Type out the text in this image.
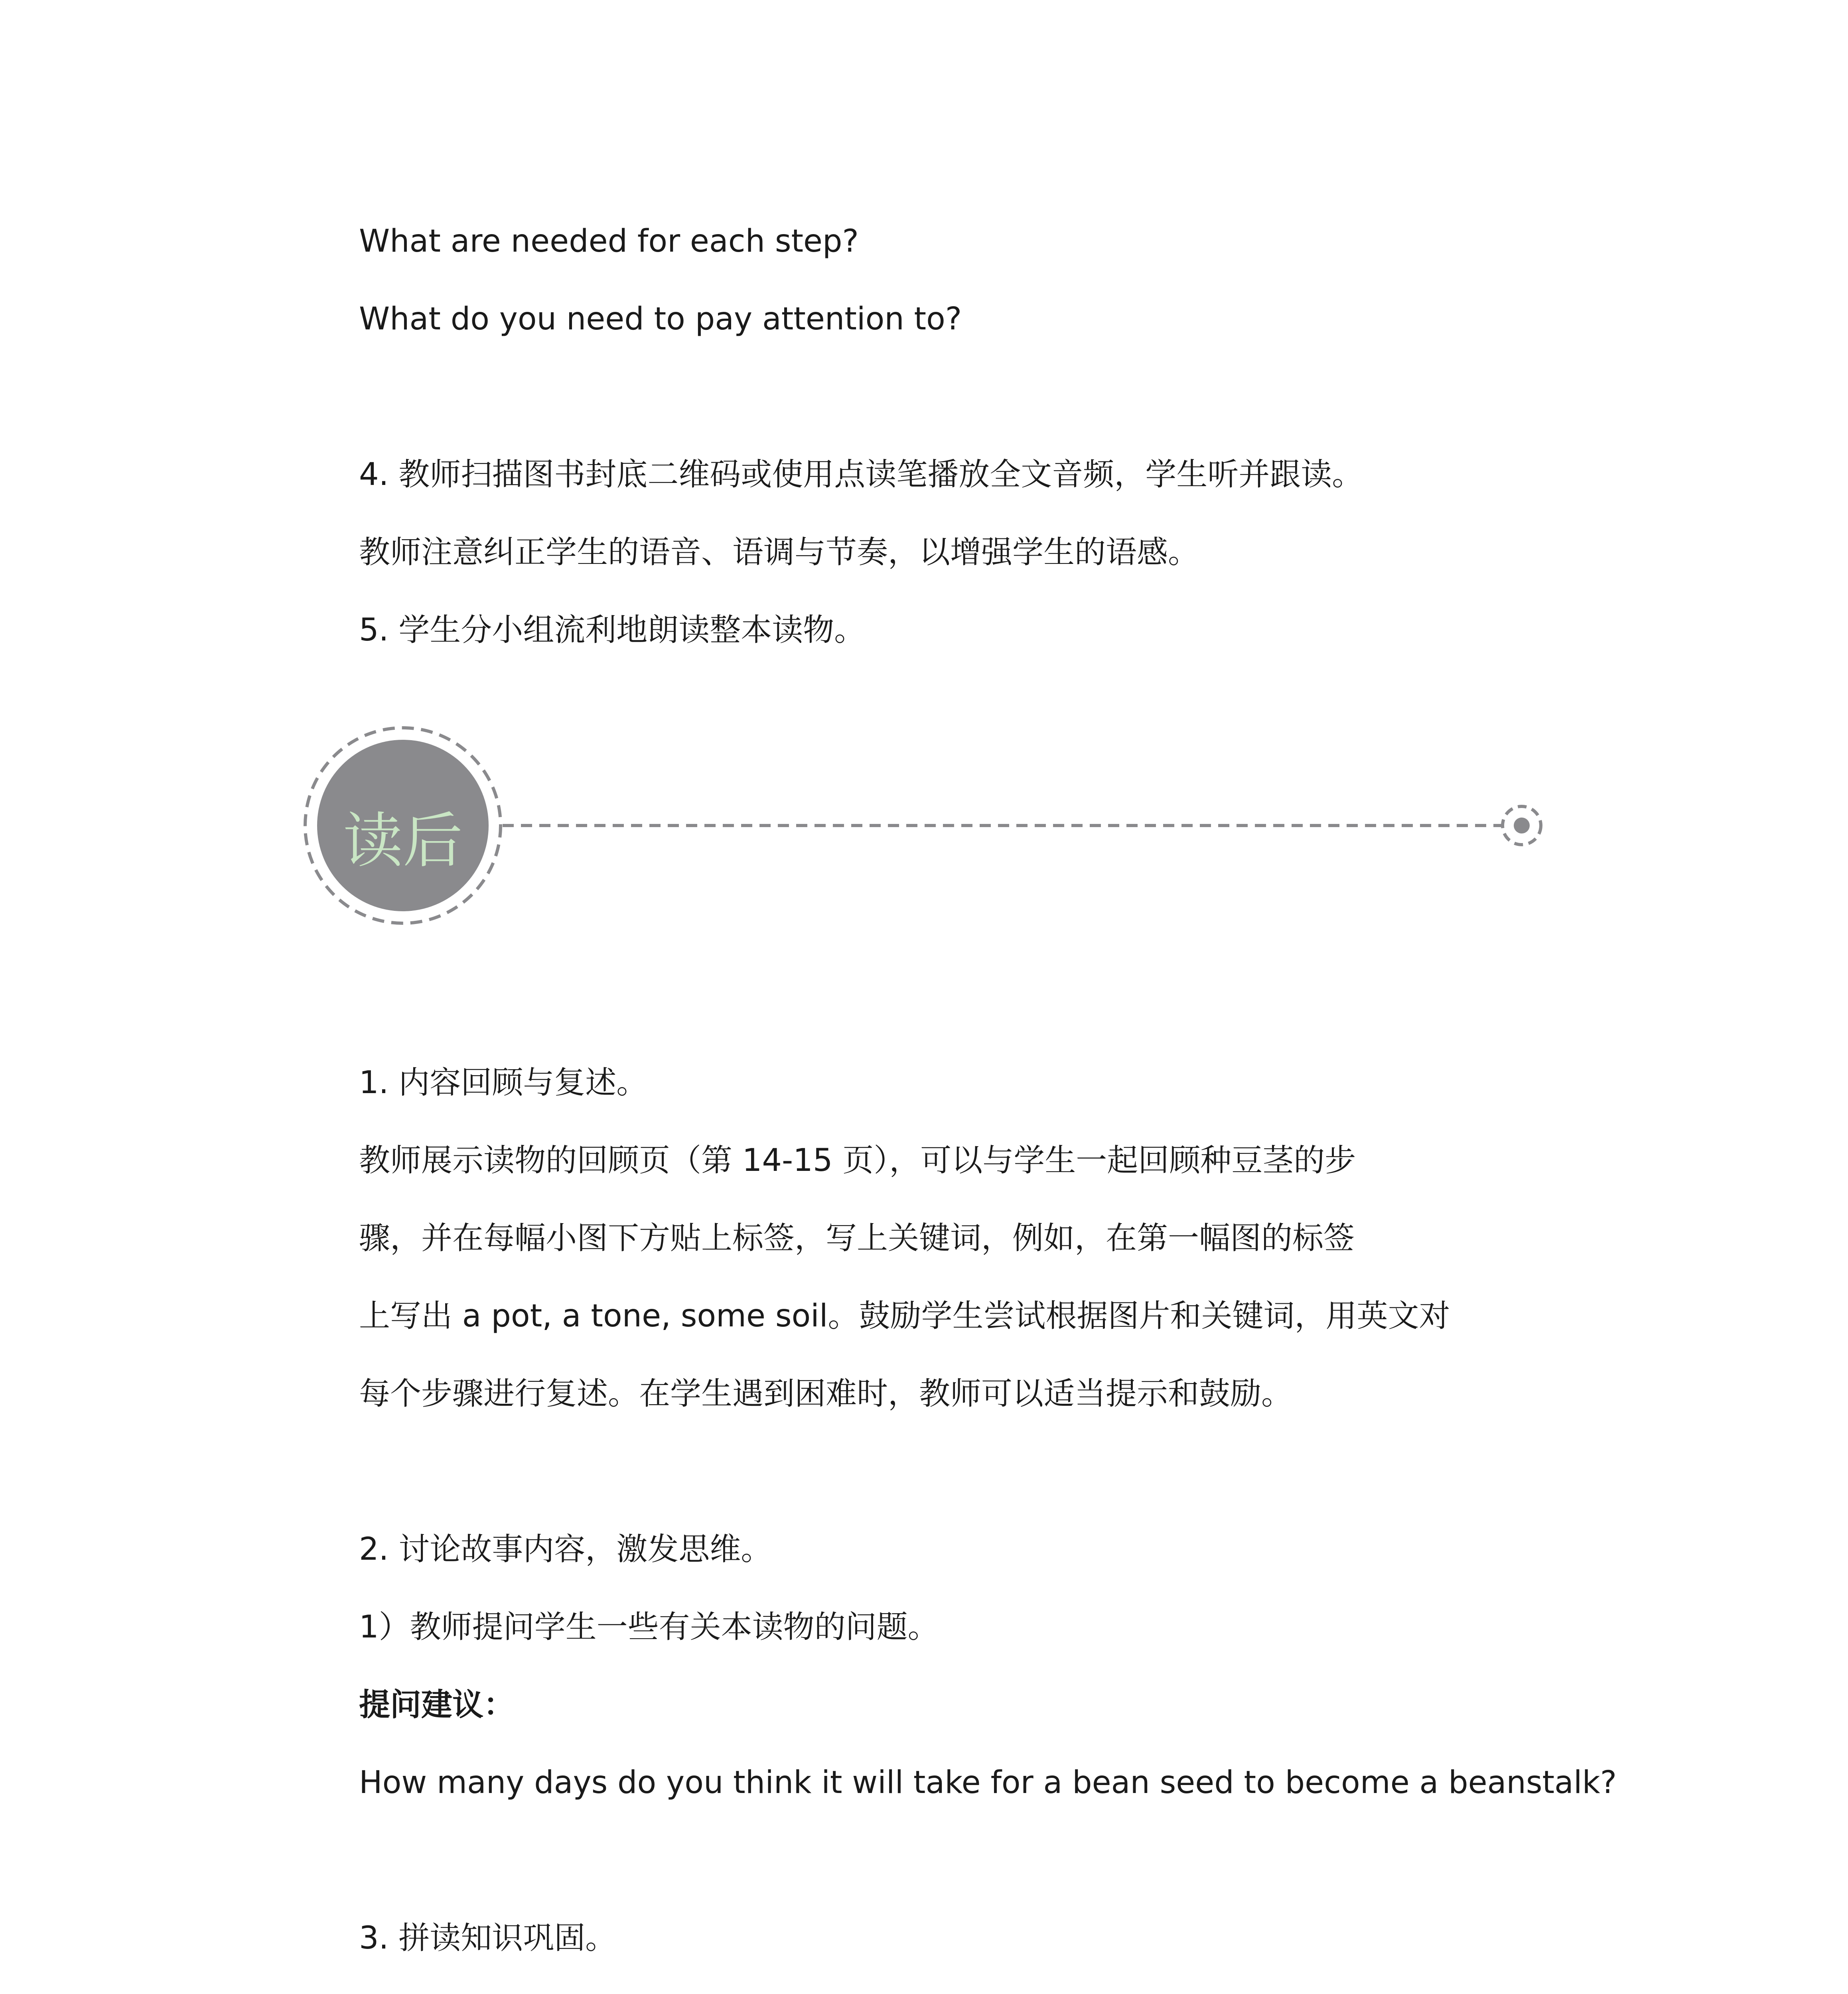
What are needed for each step?

What do you need to pay attention to?

4. 教师扫描图书封底二维码或使用点读笔播放全文音频，学生听并跟读。

教师注意纠正学生的语音、语调与节奏，以增强学生的语感。

5. 学生分小组流利地朗读整本读物。

读后

1. 内容回顾与复述。

教师展示读物的回顾页（第 14-15 页），可以与学生一起回顾种豆茎的步

骤，并在每幅小图下方贴上标签，写上关键词，例如，在第一幅图的标签

上写出 a pot, a tone, some soil。鼓励学生尝试根据图片和关键词，用英文对

每个步骤进行复述。在学生遇到困难时，教师可以适当提示和鼓励。

2. 讨论故事内容，激发思维。

1）教师提问学生一些有关本读物的问题。

提问建议：

How many days do you think it will take for a bean seed to become a beanstalk?

3. 拼读知识巩固。
